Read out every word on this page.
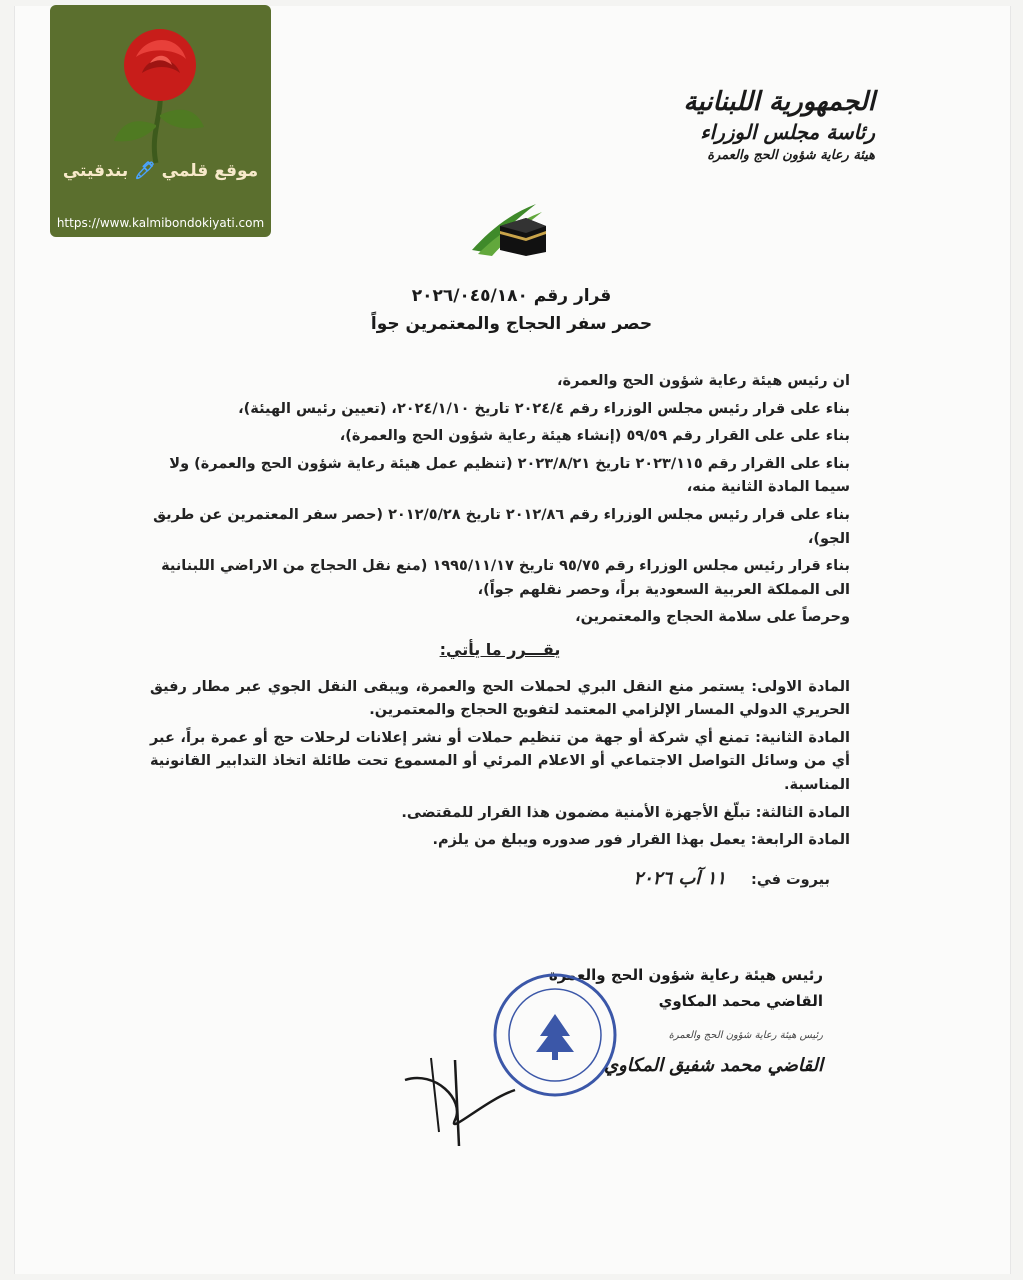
موقع قلمي 🖊 بندقيتي
https://www.kalmibondokiyati.com
الجمهورية اللبنانية
رئاسة مجلس الوزراء
هيئة رعاية شؤون الحج والعمرة
قرار رقم ٢٠٢٦/٠٤٥/١٨٠
حصر سفر الحجاج والمعتمرين جواً

ان رئيس هيئة رعاية شؤون الحج والعمرة،

بناء على قرار رئيس مجلس الوزراء رقم ٢٠٢٤/٤ تاريخ ٢٠٢٤/١/١٠، (تعيين رئيس الهيئة)،

بناء على على القرار رقم ٥٩/٥٩ (إنشاء هيئة رعاية شؤون الحج والعمرة)،

بناء على القرار رقم ٢٠٢٣/١١٥ تاريخ ٢٠٢٣/٨/٢١ (تنظيم عمل هيئة رعاية شؤون الحج والعمرة) ولا سيما المادة الثانية منه،

بناء على قرار رئيس مجلس الوزراء رقم ٢٠١٢/٨٦ تاريخ ٢٠١٢/٥/٢٨ (حصر سفر المعتمرين عن طريق الجو)،

بناء قرار رئيس مجلس الوزراء رقم ٩٥/٧٥ تاريخ ١٩٩٥/١١/١٧ (منع نقل الحجاج من الاراضي اللبنانية الى المملكة العربية السعودية براً، وحصر نقلهم جواً)،

وحرصاً على سلامة الحجاج والمعتمرين،

يقـــرر ما يأتي:

المادة الاولى: يستمر منع النقل البري لحملات الحج والعمرة، ويبقى النقل الجوي عبر مطار رفيق الحريري الدولي المسار الإلزامي المعتمد لتفويج الحجاج والمعتمرين.

المادة الثانية: تمنع أي شركة أو جهة من تنظيم حملات أو نشر إعلانات لرحلات حج أو عمرة براً، عبر أي من وسائل التواصل الاجتماعي أو الاعلام المرئي أو المسموع تحت طائلة اتخاذ التدابير القانونية المناسبة.

المادة الثالثة: تبلّغ الأجهزة الأمنية مضمون هذا القرار للمقتضى.

المادة الرابعة: يعمل بهذا القرار فور صدوره ويبلغ من يلزم.

بيروت في: ١١ آب ٢٠٢٦

رئيس هيئة رعاية شؤون الحج والعمرة
القاضي محمد المكاوي
رئيس هيئة رعاية شؤون الحج والعمرة
القاضي محمد شفيق المكاوي
